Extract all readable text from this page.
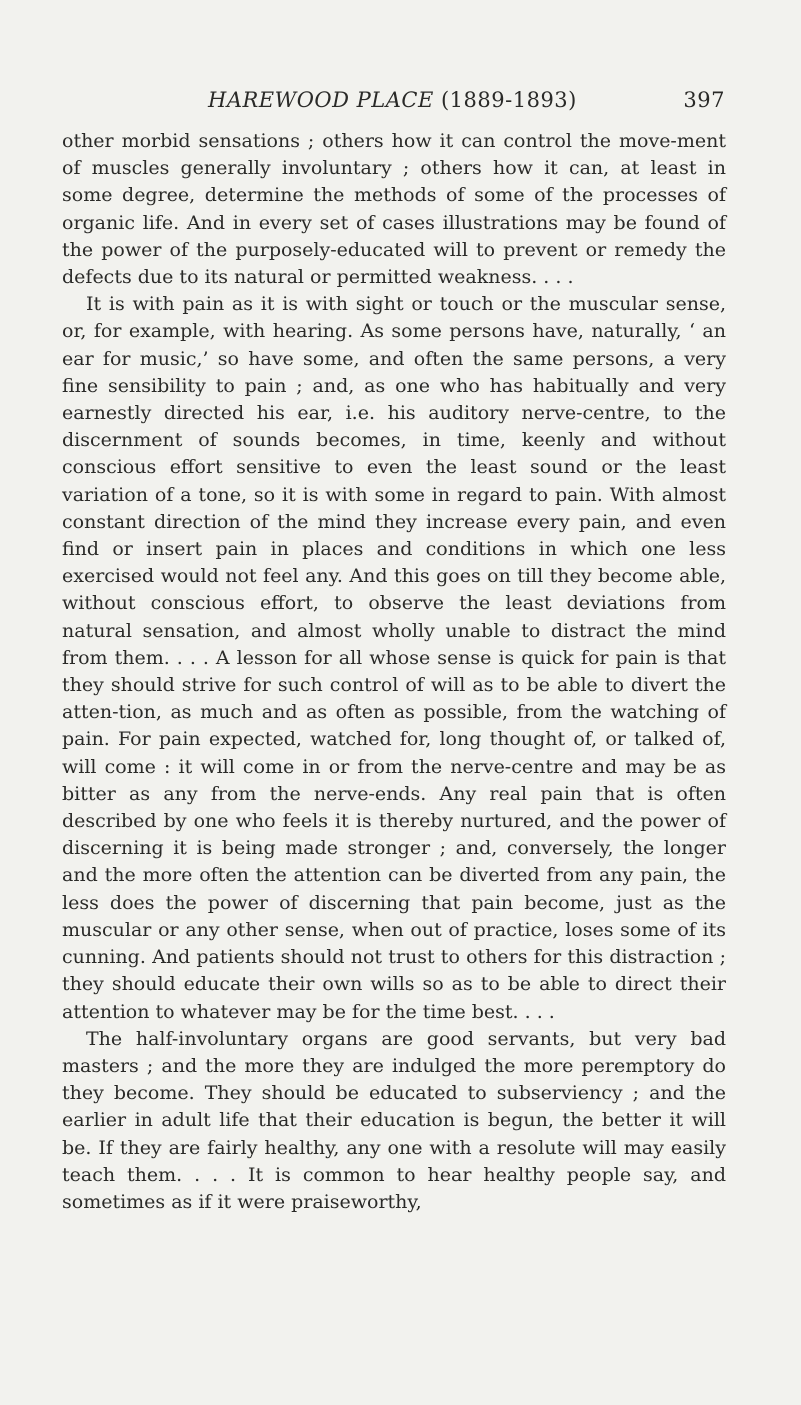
HAREWOOD PLACE (1889-1893)	397

other morbid sensations ; others how it can control the move-ment of muscles generally involuntary ; others how it can, at least in some degree, determine the methods of some of the processes of organic life. And in every set of cases illustrations may be found of the power of the purposely-educated will to prevent or remedy the defects due to its natural or permitted weakness. . . .

It is with pain as it is with sight or touch or the muscular sense, or, for example, with hearing. As some persons have, naturally, ‘ an ear for music,’ so have some, and often the same persons, a very fine sensibility to pain ; and, as one who has habitually and very earnestly directed his ear, i.e. his auditory nerve-centre, to the discernment of sounds becomes, in time, keenly and without conscious effort sensitive to even the least sound or the least variation of a tone, so it is with some in regard to pain. With almost constant direction of the mind they increase every pain, and even find or insert pain in places and conditions in which one less exercised would not feel any. And this goes on till they become able, without conscious effort, to observe the least deviations from natural sensation, and almost wholly unable to distract the mind from them. . . . A lesson for all whose sense is quick for pain is that they should strive for such control of will as to be able to divert the atten-tion, as much and as often as possible, from the watching of pain. For pain expected, watched for, long thought of, or talked of, will come : it will come in or from the nerve-centre and may be as bitter as any from the nerve-ends. Any real pain that is often described by one who feels it is thereby nurtured, and the power of discerning it is being made stronger ; and, conversely, the longer and the more often the attention can be diverted from any pain, the less does the power of discerning that pain become, just as the muscular or any other sense, when out of practice, loses some of its cunning. And patients should not trust to others for this distraction ; they should educate their own wills so as to be able to direct their attention to whatever may be for the time best. . . .

The half-involuntary organs are good servants, but very bad masters ; and the more they are indulged the more peremptory do they become. They should be educated to subserviency ; and the earlier in adult life that their education is begun, the better it will be. If they are fairly healthy, any one with a resolute will may easily teach them. . . . It is common to hear healthy people say, and sometimes as if it were praiseworthy,
